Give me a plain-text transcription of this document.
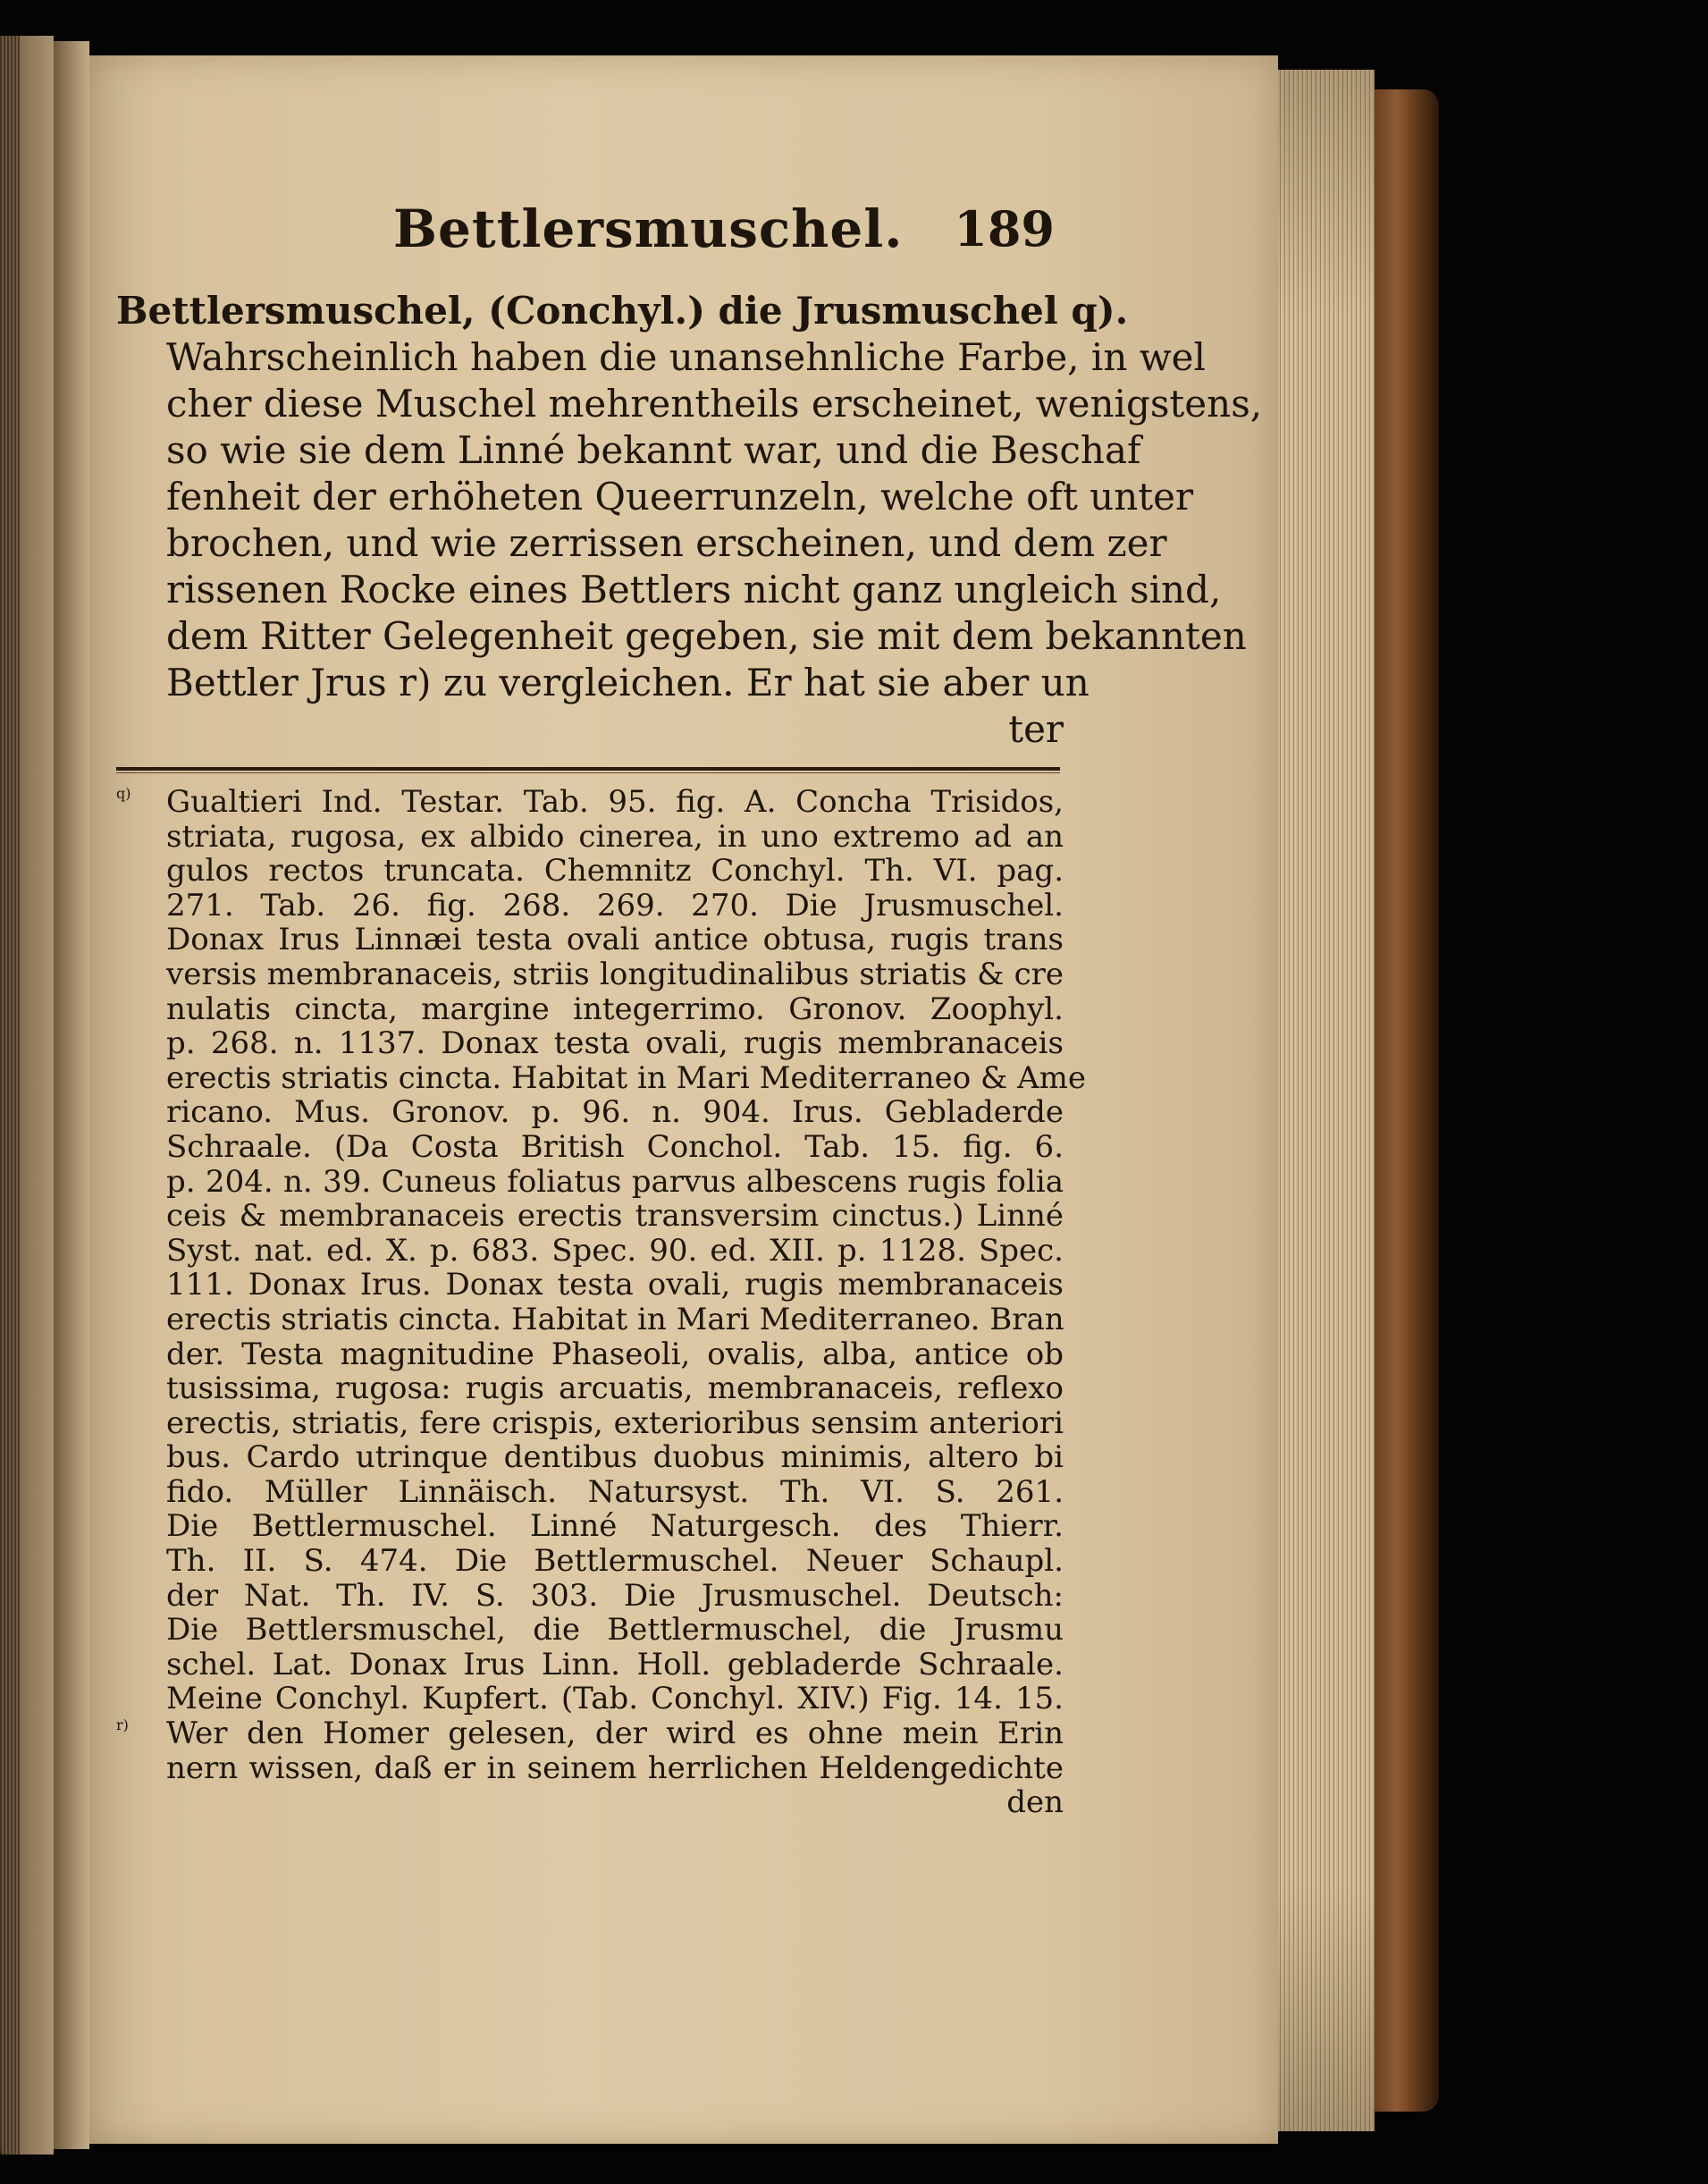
Bettlersmuschel. 189
Bettlersmuschel, (Conchyl.) die Jrusmuschel q).
Wahrscheinlich haben die unansehnliche Farbe, in wel
cher diese Muschel mehrentheils erscheinet, wenigstens,
so wie sie dem Linné bekannt war, und die Beschaf
fenheit der erhöheten Queerrunzeln, welche oft unter
brochen, und wie zerrissen erscheinen, und dem zer
rissenen Rocke eines Bettlers nicht ganz ungleich sind,
dem Ritter Gelegenheit gegeben, sie mit dem bekannten
Bettler Jrus r) zu vergleichen. Er hat sie aber un
ter
q)	Gualtieri Ind. Testar. Tab. 95. fig. A. Concha Trisidos,
striata, rugosa, ex albido cinerea, in uno extremo ad an
gulos rectos truncata. Chemnitz Conchyl. Th. VI. pag.
271. Tab. 26. fig. 268. 269. 270. Die Jrusmuschel.
Donax Irus Linnæi testa ovali antice obtusa, rugis trans
versis membranaceis, striis longitudinalibus striatis & cre
nulatis cincta, margine integerrimo. Gronov. Zoophyl.
p. 268. n. 1137. Donax testa ovali, rugis membranaceis
erectis striatis cincta. Habitat in Mari Mediterraneo & Ame
ricano. Mus. Gronov. p. 96. n. 904. Irus. Gebladerde
Schraale. (Da Costa British Conchol. Tab. 15. fig. 6.
p. 204. n. 39. Cuneus foliatus parvus albescens rugis folia
ceis & membranaceis erectis transversim cinctus.) Linné
Syst. nat. ed. X. p. 683. Spec. 90. ed. XII. p. 1128. Spec.
111. Donax Irus. Donax testa ovali, rugis membranaceis
erectis striatis cincta. Habitat in Mari Mediterraneo. Bran
der. Testa magnitudine Phaseoli, ovalis, alba, antice ob
tusissima, rugosa: rugis arcuatis, membranaceis, reflexo
erectis, striatis, fere crispis, exterioribus sensim anteriori
bus. Cardo utrinque dentibus duobus minimis, altero bi
fido. Müller Linnäisch. Natursyst. Th. VI. S. 261.
Die Bettlermuschel. Linné Naturgesch. des Thierr.
Th. II. S. 474. Die Bettlermuschel. Neuer Schaupl.
der Nat. Th. IV. S. 303. Die Jrusmuschel. Deutsch:
Die Bettlersmuschel, die Bettlermuschel, die Jrusmu
schel. Lat. Donax Irus Linn. Holl. gebladerde Schraale.
Meine Conchyl. Kupfert. (Tab. Conchyl. XIV.) Fig. 14. 15.
r)	Wer den Homer gelesen, der wird es ohne mein Erin
nern wissen, daß er in seinem herrlichen Heldengedichte
den
